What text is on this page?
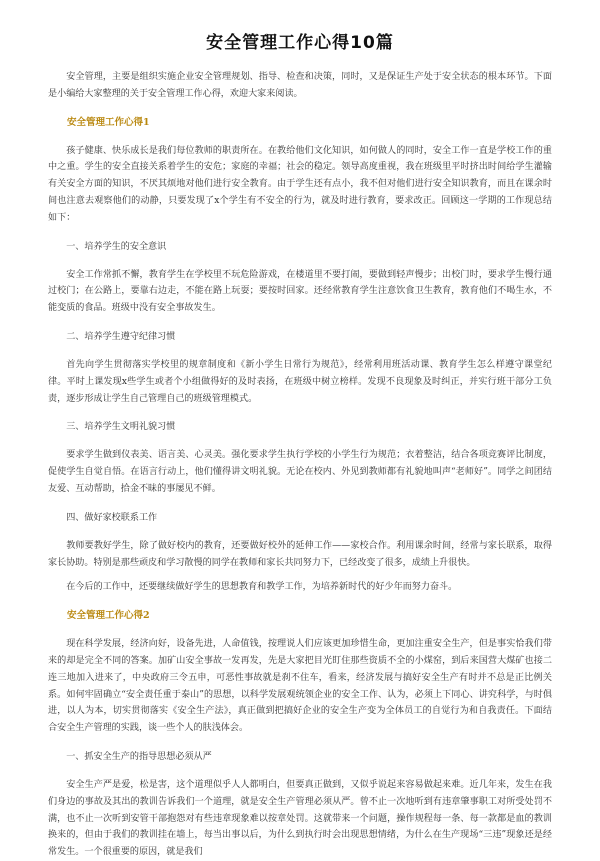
安全管理工作心得10篇

安全管理，主要是组织实施企业安全管理规划、指导、检查和决策，同时，又是保证生产处于安全状态的根本环节。下面是小编给大家整理的关于安全管理工作心得，欢迎大家来阅读。

安全管理工作心得1

孩子健康、快乐成长是我们每位教师的职责所在。在教给他们文化知识，如何做人的同时，安全工作一直是学校工作的重中之重。学生的安全直接关系着学生的安危；家庭的幸福；社会的稳定。领导高度重视，我在班级里平时挤出时间给学生灌输有关安全方面的知识，不厌其烦地对他们进行安全教育。由于学生还有点小，我不但对他们进行安全知识教育，而且在课余时间也注意去观察他们的动静，只要发现了x个学生有不安全的行为，就及时进行教育，要求改正。回顾这一学期的工作现总结如下：

一、培养学生的安全意识

安全工作常抓不懈，教育学生在学校里不玩危险游戏，在楼道里不要打闹，要做到轻声慢步；出校门时，要求学生慢行通过校门；在公路上，要靠右边走，不能在路上玩耍；要按时回家。还经常教育学生注意饮食卫生教育，教育他们不喝生水，不能变质的食品。班级中没有安全事故发生。

二、培养学生遵守纪律习惯

首先向学生贯彻落实学校里的规章制度和《新小学生日常行为规范》，经常利用班活动课、教育学生怎么样遵守课堂纪律。平时上课发现x些学生或者个小组做得好的及时表扬，在班级中树立榜样。发现不良现象及时纠正，并实行班干部分工负责，逐步形成让学生自己管理自己的班级管理模式。

三、培养学生文明礼貌习惯

要求学生做到仪表美、语言美、心灵美。强化要求学生执行学校的小学生行为规范；衣着整洁，结合各项竞赛评比制度，促使学生自觉自悟。在语言行动上，他们懂得讲文明礼貌。无论在校内、外见到教师都有礼貌地叫声“老师好”。同学之间团结友爱、互动帮助，拾金不昧的事屡见不鲜。

四、做好家校联系工作

教师要教好学生，除了做好校内的教育，还要做好校外的延伸工作——家校合作。利用课余时间，经常与家长联系，取得家长协助。特别是那些顽皮和学习散慢的同学在教师和家长共同努力下，已经改变了很多，成绩上升很快。

在今后的工作中，还要继续做好学生的思想教育和教学工作，为培养新时代的好少年而努力奋斗。

安全管理工作心得2

现在科学发展，经济向好，设备先进，人命值钱，按理说人们应该更加珍惜生命，更加注重安全生产，但是事实恰我们带来的却是完全不同的答案。加矿山安全事故一发再发，先是大家把目光盯住那些资质不全的小煤窑，到后来国营大煤矿也接二连三地加入进来了，中央政府三令五申，可恶性事故就是刹不住车，看来，经济发展与搞好安全生产有时并不总是正比例关系。如何牢固确立“安全责任重于泰山”的思想，以科学发展观统领企业的安全工作、认为，必须上下同心、讲究科学，与时俱进，以人为本，切实贯彻落实《安全生产法》，真正做到把搞好企业的安全生产变为全体员工的自觉行为和自我责任。下面结合安全生产管理的实践，谈一些个人的肤浅体会。

一、抓安全生产的指导思想必须从严

安全生产严是爱，松是害，这个道理似乎人人都明白，但要真正做到，又似乎说起来容易做起来难。近几年来，发生在我们身边的事故及其出的教训告诉我们一个道理，就是安全生产管理必须从严。曾不止一次地听到有违章肇事职工对所受处罚不满，也不止一次听到安管干部抱怨对有些违章现象难以按章处罚。这就带来一个问题，操作规程每一条、每一款都是血的教训换来的，但由于我们的教训挂在墙上，每当出事以后，为什么到执行时会出现思想情绪，为什么在生产现场“三违”现象还是经常发生。一个很重要的原因，就是我们
